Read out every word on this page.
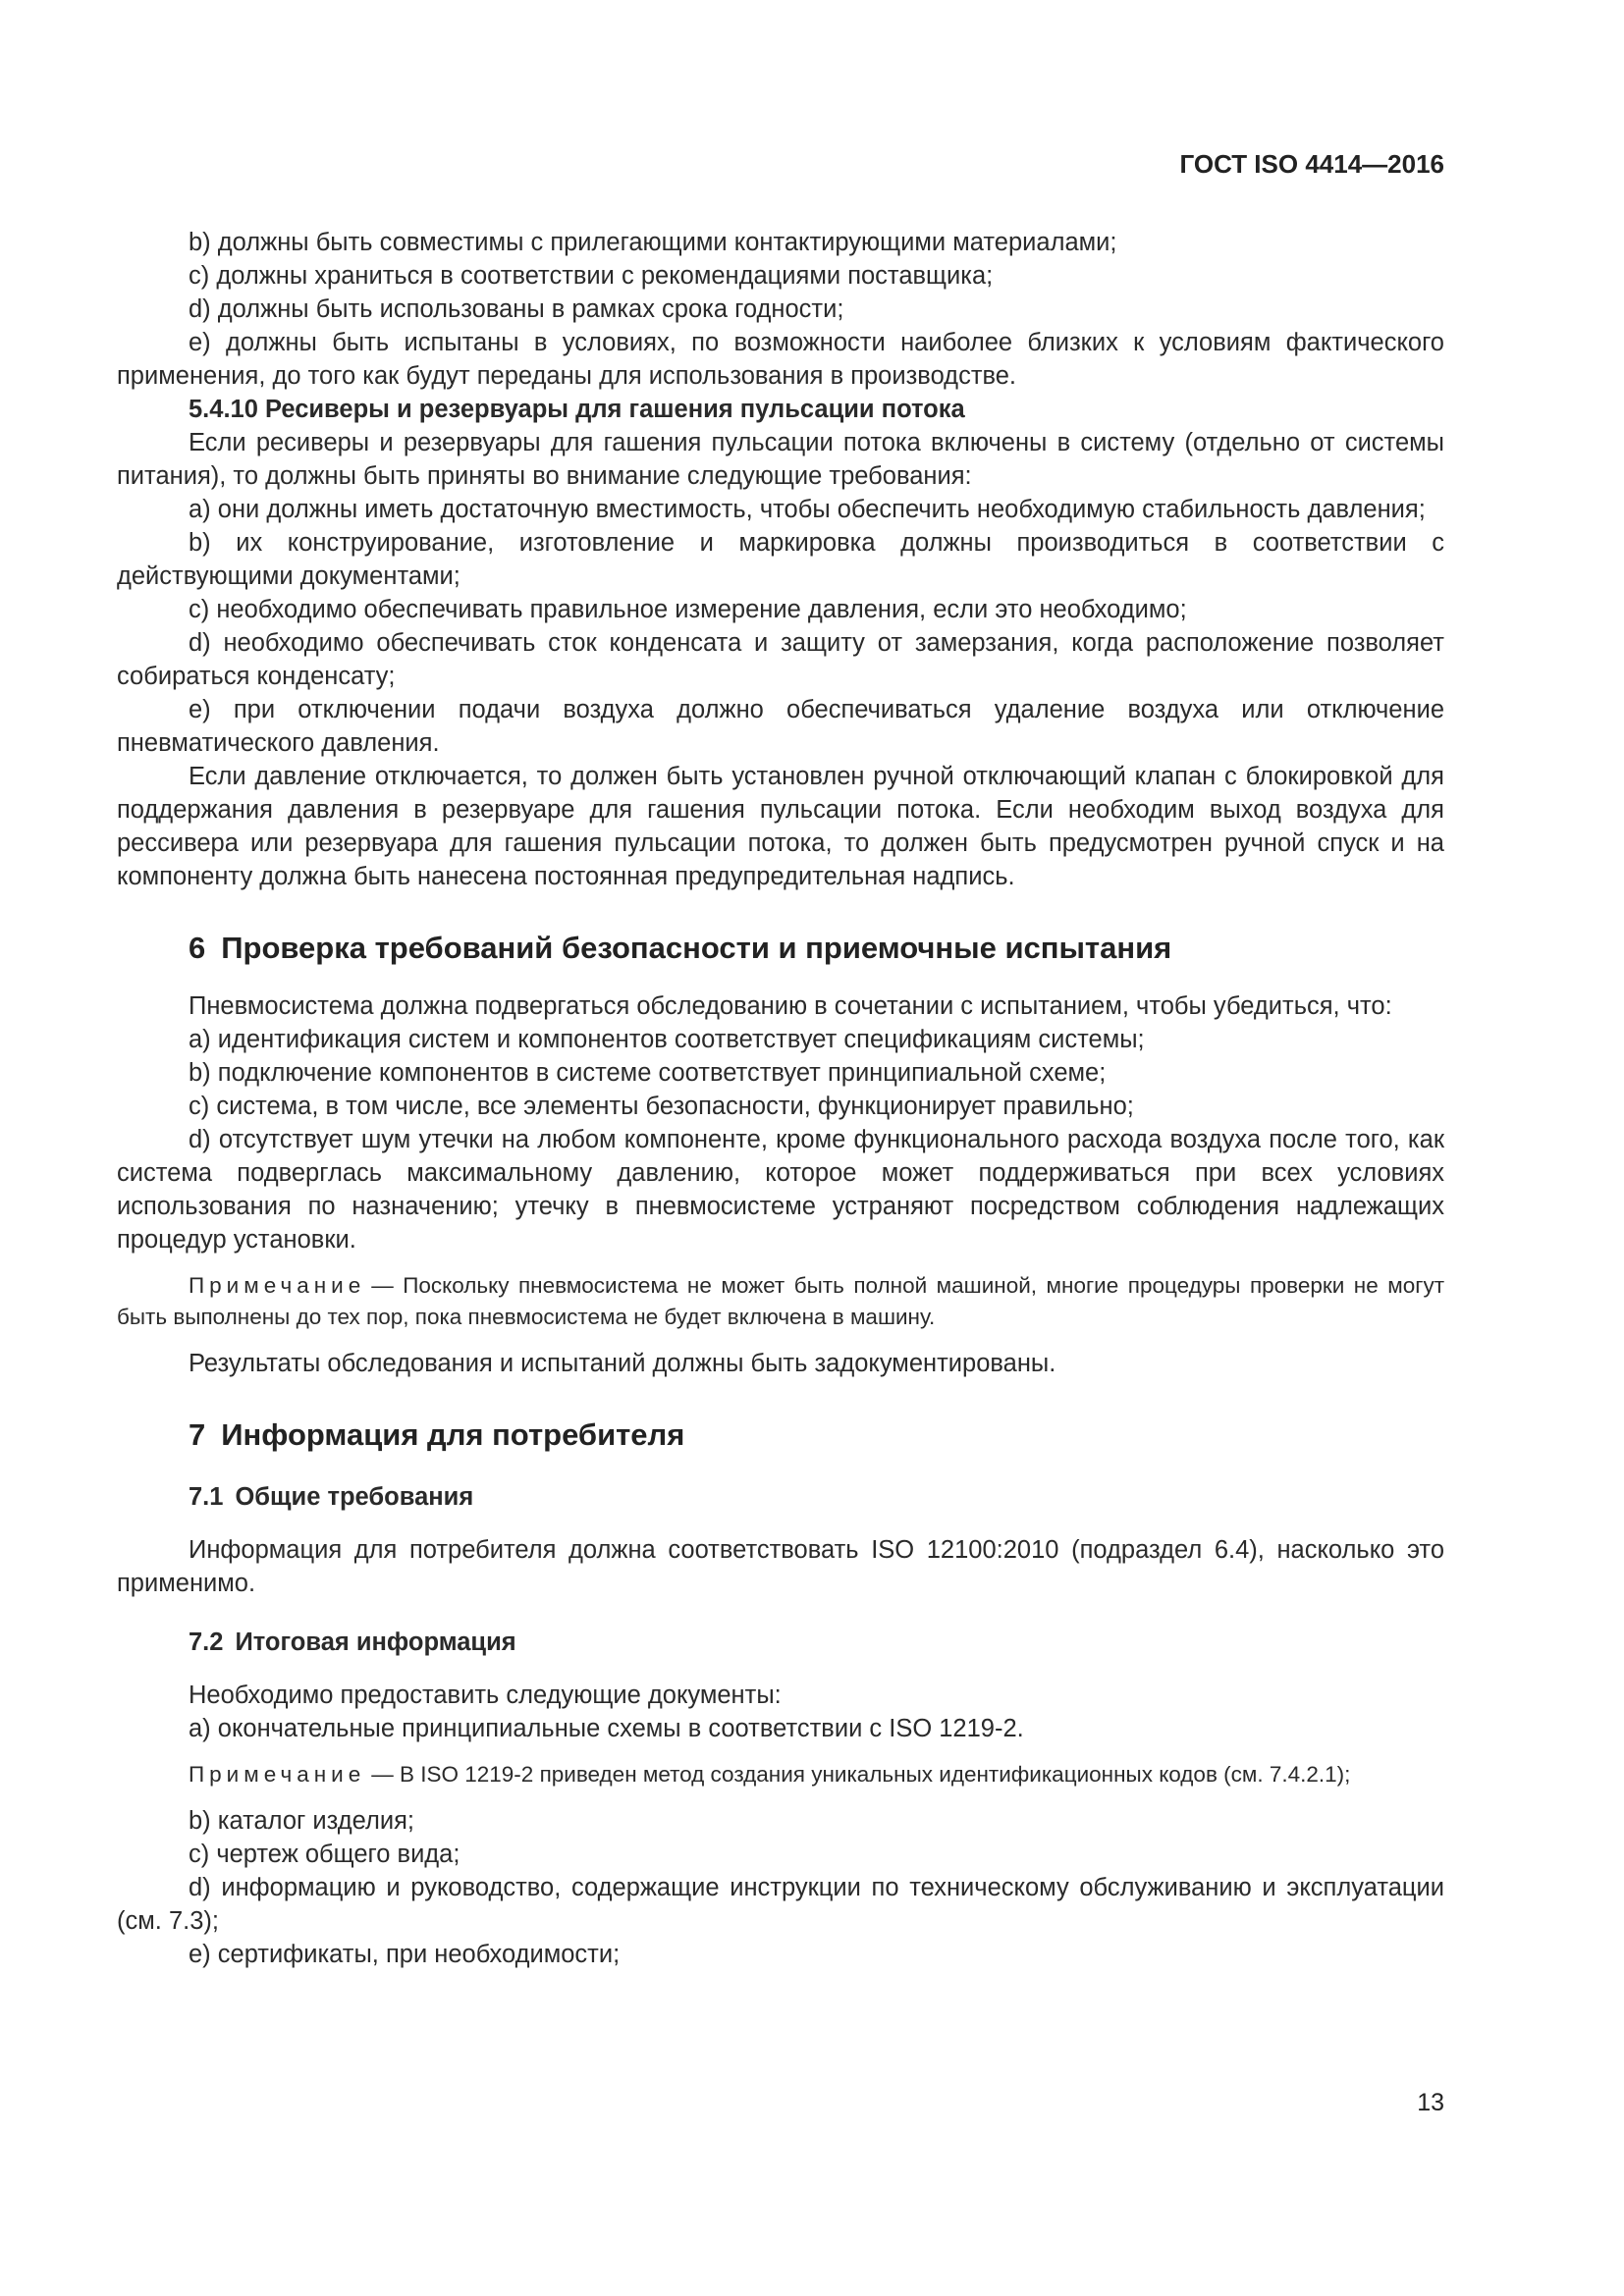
ГОСТ ISO 4414—2016

b) должны быть совместимы с прилегающими контактирующими материалами;

c) должны храниться в соответствии с рекомендациями поставщика;

d) должны быть использованы в рамках срока годности;

e) должны быть испытаны в условиях, по возможности наиболее близких к условиям фактического применения, до того как будут переданы для использования в производстве.

5.4.10 Ресиверы и резервуары для гашения пульсации потока

Если ресиверы и резервуары для гашения пульсации потока включены в систему (отдельно от системы питания), то должны быть приняты во внимание следующие требования:

a) они должны иметь достаточную вместимость, чтобы обеспечить необходимую стабильность давления;

b) их конструирование, изготовление и маркировка должны производиться в соответствии с действующими документами;

c) необходимо обеспечивать правильное измерение давления, если это необходимо;

d) необходимо обеспечивать сток конденсата и защиту от замерзания, когда расположение позволяет собираться конденсату;

e) при отключении подачи воздуха должно обеспечиваться удаление воздуха или отключение пневматического давления.

Если давление отключается, то должен быть установлен ручной отключающий клапан с блокировкой для поддержания давления в резервуаре для гашения пульсации потока. Если необходим выход воздуха для рессивера или резервуара для гашения пульсации потока, то должен быть предусмотрен ручной спуск и на компоненту должна быть нанесена постоянная предупредительная надпись.

6 Проверка требований безопасности и приемочные испытания

Пневмосистема должна подвергаться обследованию в сочетании с испытанием, чтобы убедиться, что:

a) идентификация систем и компонентов соответствует спецификациям системы;

b) подключение компонентов в системе соответствует принципиальной схеме;

c) система, в том числе, все элементы безопасности, функционирует правильно;

d) отсутствует шум утечки на любом компоненте, кроме функционального расхода воздуха после того, как система подверглась максимальному давлению, которое может поддерживаться при всех условиях использования по назначению; утечку в пневмосистеме устраняют посредством соблюдения надлежащих процедур установки.

Примечание — Поскольку пневмосистема не может быть полной машиной, многие процедуры проверки не могут быть выполнены до тех пор, пока пневмосистема не будет включена в машину.

Результаты обследования и испытаний должны быть задокументированы.

7 Информация для потребителя
7.1 Общие требования

Информация для потребителя должна соответствовать ISO 12100:2010 (подраздел 6.4), насколько это применимо.

7.2 Итоговая информация

Необходимо предоставить следующие документы:

a) окончательные принципиальные схемы в соответствии с ISO 1219-2.

Примечание — В ISO 1219-2 приведен метод создания уникальных идентификационных кодов (см. 7.4.2.1);

b) каталог изделия;

c) чертеж общего вида;

d) информацию и руководство, содержащие инструкции по техническому обслуживанию и эксплуатации (см. 7.3);

e) сертификаты, при необходимости;

13
